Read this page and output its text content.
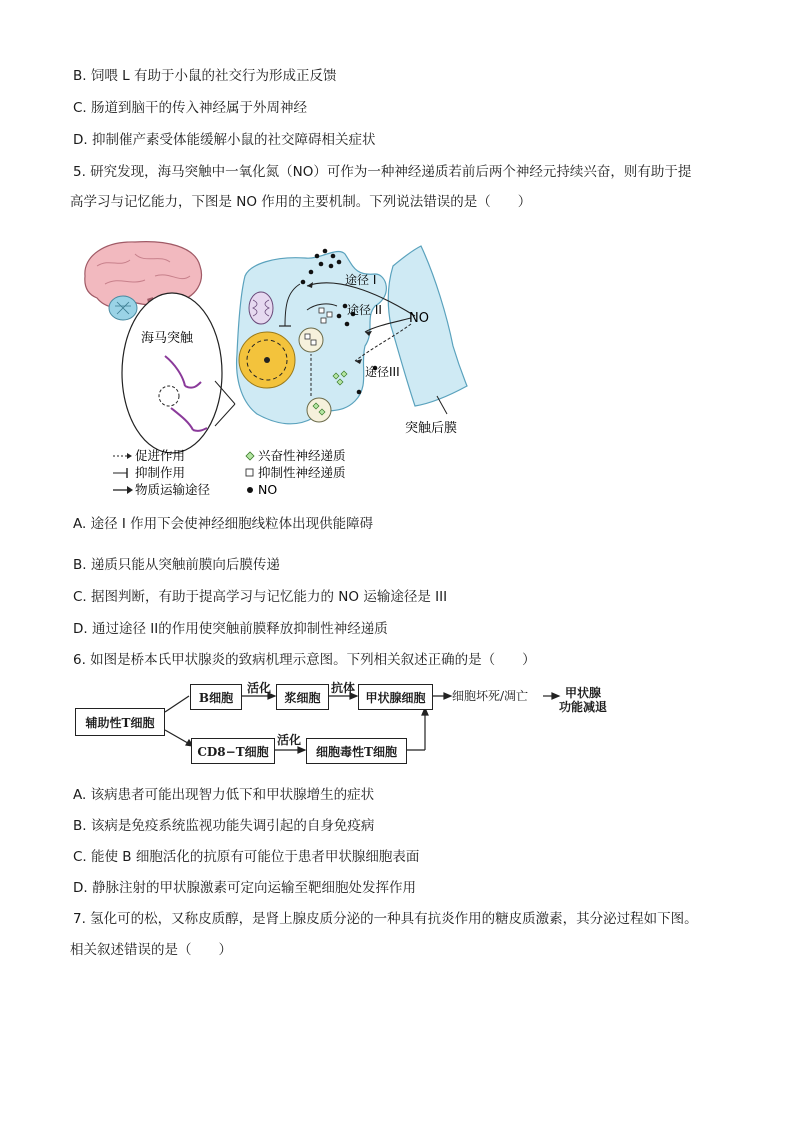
B. 饲喂 L 有助于小鼠的社交行为形成正反馈
C. 肠道到脑干的传入神经属于外周神经
D. 抑制催产素受体能缓解小鼠的社交障碍相关症状
5. 研究发现，海马突触中一氧化氮（NO）可作为一种神经递质若前后两个神经元持续兴奋，则有助于提
高学习与记忆能力，下图是 NO 作用的主要机制。下列说法错误的是（　　）
海马突触
突触后膜
途径 I
途径 II
途径III
NO
促进作用
抑制作用
物质运输途径
兴奋性神经递质
抑制性神经递质
NO
A. 途径 I 作用下会使神经细胞线粒体出现供能障碍
B. 递质只能从突触前膜向后膜传递
C. 据图判断，有助于提高学习与记忆能力的 NO 运输途径是 III
D. 通过途径 II的作用使突触前膜释放抑制性神经递质
6. 如图是桥本氏甲状腺炎的致病机理示意图。下列相关叙述正确的是（　　）
辅助性T细胞
B细胞
活化
浆细胞
抗体
甲状腺细胞	细胞坏死/凋亡	甲状腺
功能减退
CD8−T细胞
活化
细胞毒性T细胞
A. 该病患者可能出现智力低下和甲状腺增生的症状
B. 该病是免疫系统监视功能失调引起的自身免疫病
C. 能使 B 细胞活化的抗原有可能位于患者甲状腺细胞表面
D. 静脉注射的甲状腺激素可定向运输至靶细胞处发挥作用
7. 氢化可的松，又称皮质醇，是肾上腺皮质分泌的一种具有抗炎作用的糖皮质激素，其分泌过程如下图。
相关叙述错误的是（　　）
